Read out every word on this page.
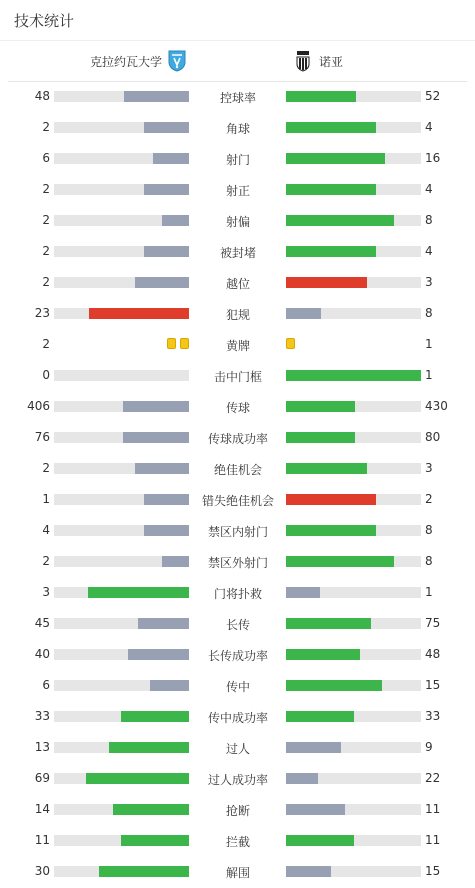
技术统计
克拉约瓦大学	诺亚
48	控球率	52
2	角球	4
6	射门	16
2	射正	4
2	射偏	8
2	被封堵	4
2	越位	3
23	犯规	8
2	黄牌	1
0	击中门框	1
406	传球	430
76	传球成功率	80
2	绝佳机会	3
1	错失绝佳机会	2
4	禁区内射门	8
2	禁区外射门	8
3	门将扑救	1
45	长传	75
40	长传成功率	48
6	传中	15
33	传中成功率	33
13	过人	9
69	过人成功率	22
14	抢断	11
11	拦截	11
30	解围	15
